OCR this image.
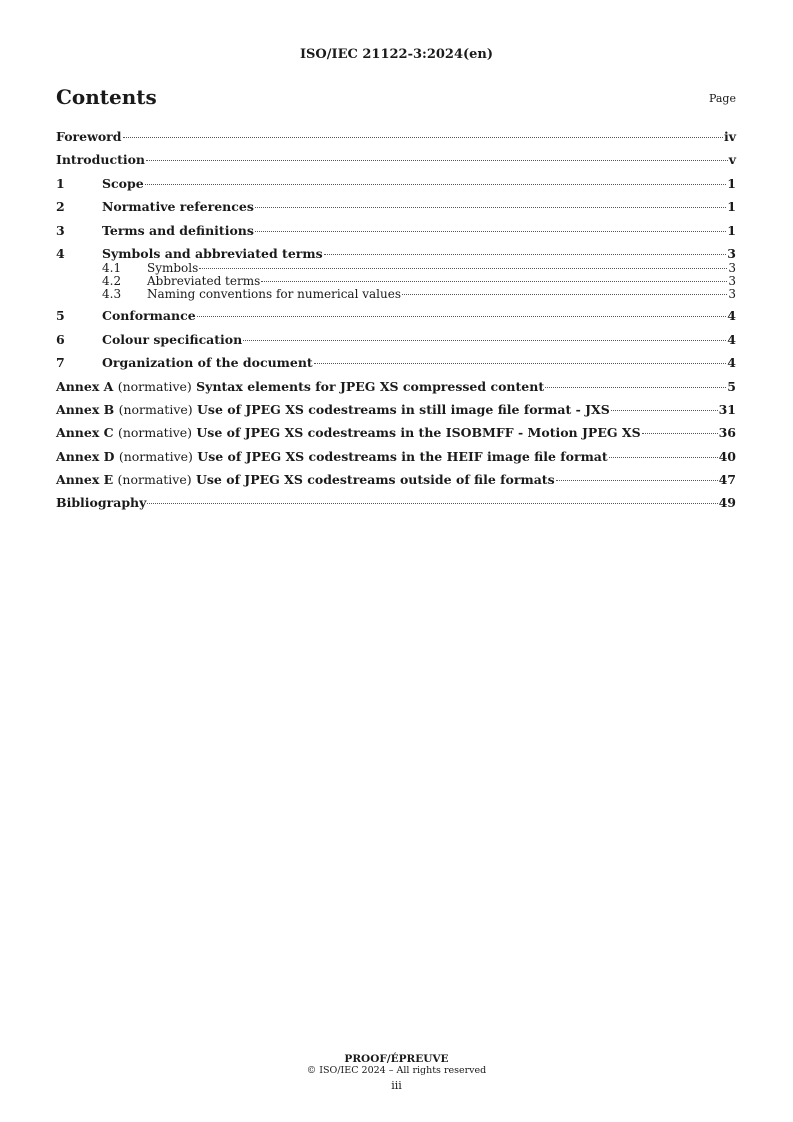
ISO/IEC 21122-3:2024(en)
Contents	Page
Foreword	iv
Introduction	v
1	Scope	1
2	Normative references	1
3	Terms and definitions	1
4	Symbols and abbreviated terms	3
4.1	Symbols	3
4.2	Abbreviated terms	3
4.3	Naming conventions for numerical values	3
5	Conformance	4
6	Colour specification	4
7	Organization of the document	4
Annex A (normative) Syntax elements for JPEG XS compressed content	5
Annex B (normative) Use of JPEG XS codestreams in still image file format - JXS	31
Annex C (normative) Use of JPEG XS codestreams in the ISOBMFF - Motion JPEG XS	36
Annex D (normative) Use of JPEG XS codestreams in the HEIF image file format	40
Annex E (normative) Use of JPEG XS codestreams outside of file formats	47
Bibliography	49
PROOF/ÉPREUVE
© ISO/IEC 2024 – All rights reserved
iii
